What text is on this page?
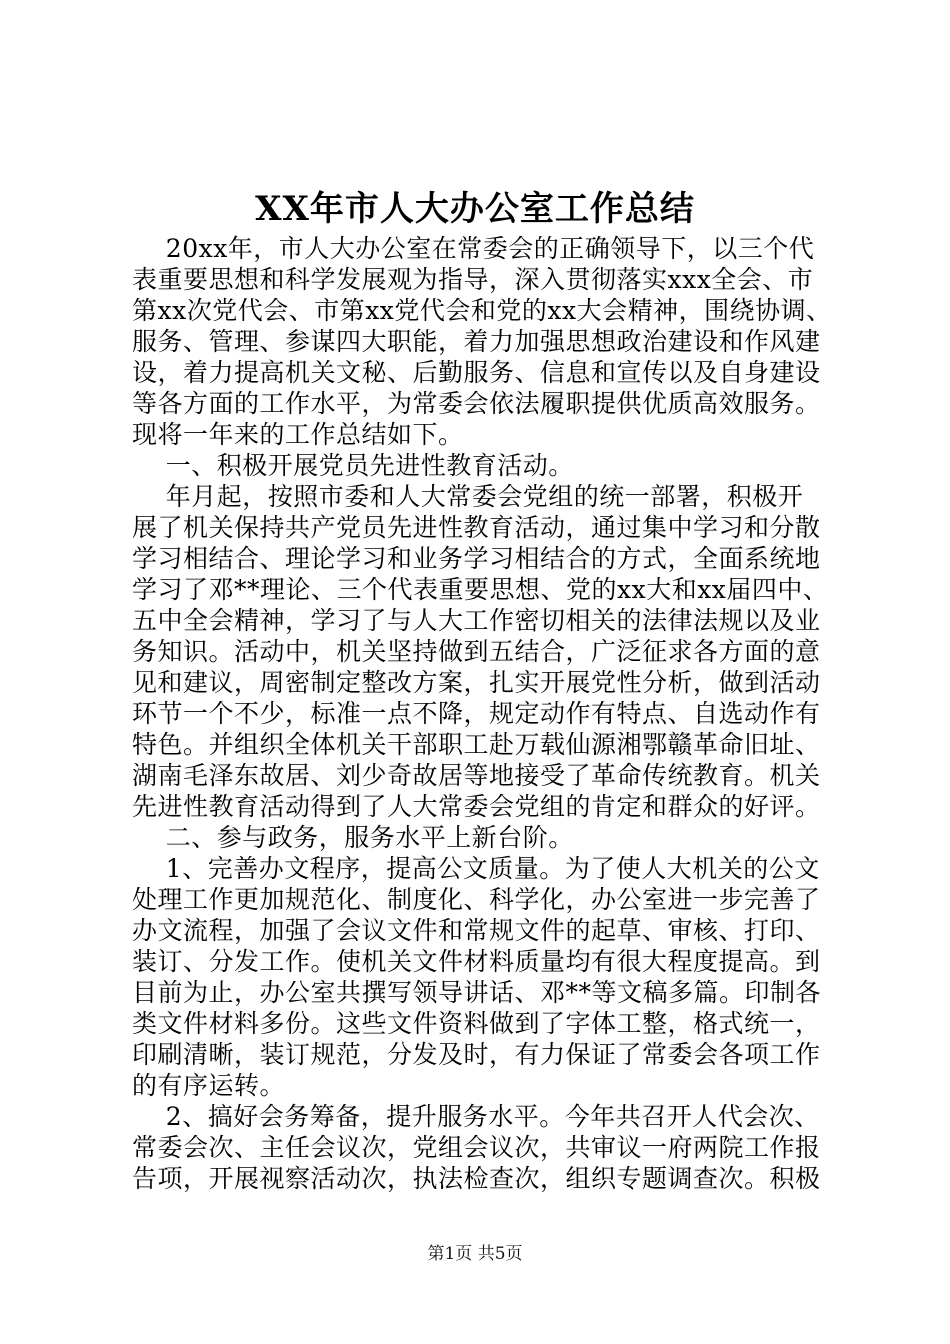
XX年市人大办公室工作总结
20xx年，市人大办公室在常委会的正确领导下，以三个代
表重要思想和科学发展观为指导，深入贯彻落实xxx全会、市
第xx次党代会、市第xx党代会和党的xx大会精神，围绕协调、
服务、管理、参谋四大职能，着力加强思想政治建设和作风建
设，着力提高机关文秘、后勤服务、信息和宣传以及自身建设
等各方面的工作水平，为常委会依法履职提供优质高效服务。
现将一年来的工作总结如下。
一、积极开展党员先进性教育活动。
年月起，按照市委和人大常委会党组的统一部署，积极开
展了机关保持共产党员先进性教育活动，通过集中学习和分散
学习相结合、理论学习和业务学习相结合的方式，全面系统地
学习了邓**理论、三个代表重要思想、党的xx大和xx届四中、
五中全会精神，学习了与人大工作密切相关的法律法规以及业
务知识。活动中，机关坚持做到五结合，广泛征求各方面的意
见和建议，周密制定整改方案，扎实开展党性分析，做到活动
环节一个不少，标准一点不降，规定动作有特点、自选动作有
特色。并组织全体机关干部职工赴万载仙源湘鄂赣革命旧址、
湖南毛泽东故居、刘少奇故居等地接受了革命传统教育。机关
先进性教育活动得到了人大常委会党组的肯定和群众的好评。
二、参与政务，服务水平上新台阶。
1、完善办文程序，提高公文质量。为了使人大机关的公文
处理工作更加规范化、制度化、科学化，办公室进一步完善了
办文流程，加强了会议文件和常规文件的起草、审核、打印、
装订、分发工作。使机关文件材料质量均有很大程度提高。到
目前为止，办公室共撰写领导讲话、邓**等文稿多篇。印制各
类文件材料多份。这些文件资料做到了字体工整，格式统一，
印刷清晰，装订规范，分发及时，有力保证了常委会各项工作
的有序运转。
2、搞好会务筹备，提升服务水平。今年共召开人代会次、
常委会次、主任会议次，党组会议次，共审议一府两院工作报
告项，开展视察活动次，执法检查次，组织专题调查次。积极
第1页 共5页
